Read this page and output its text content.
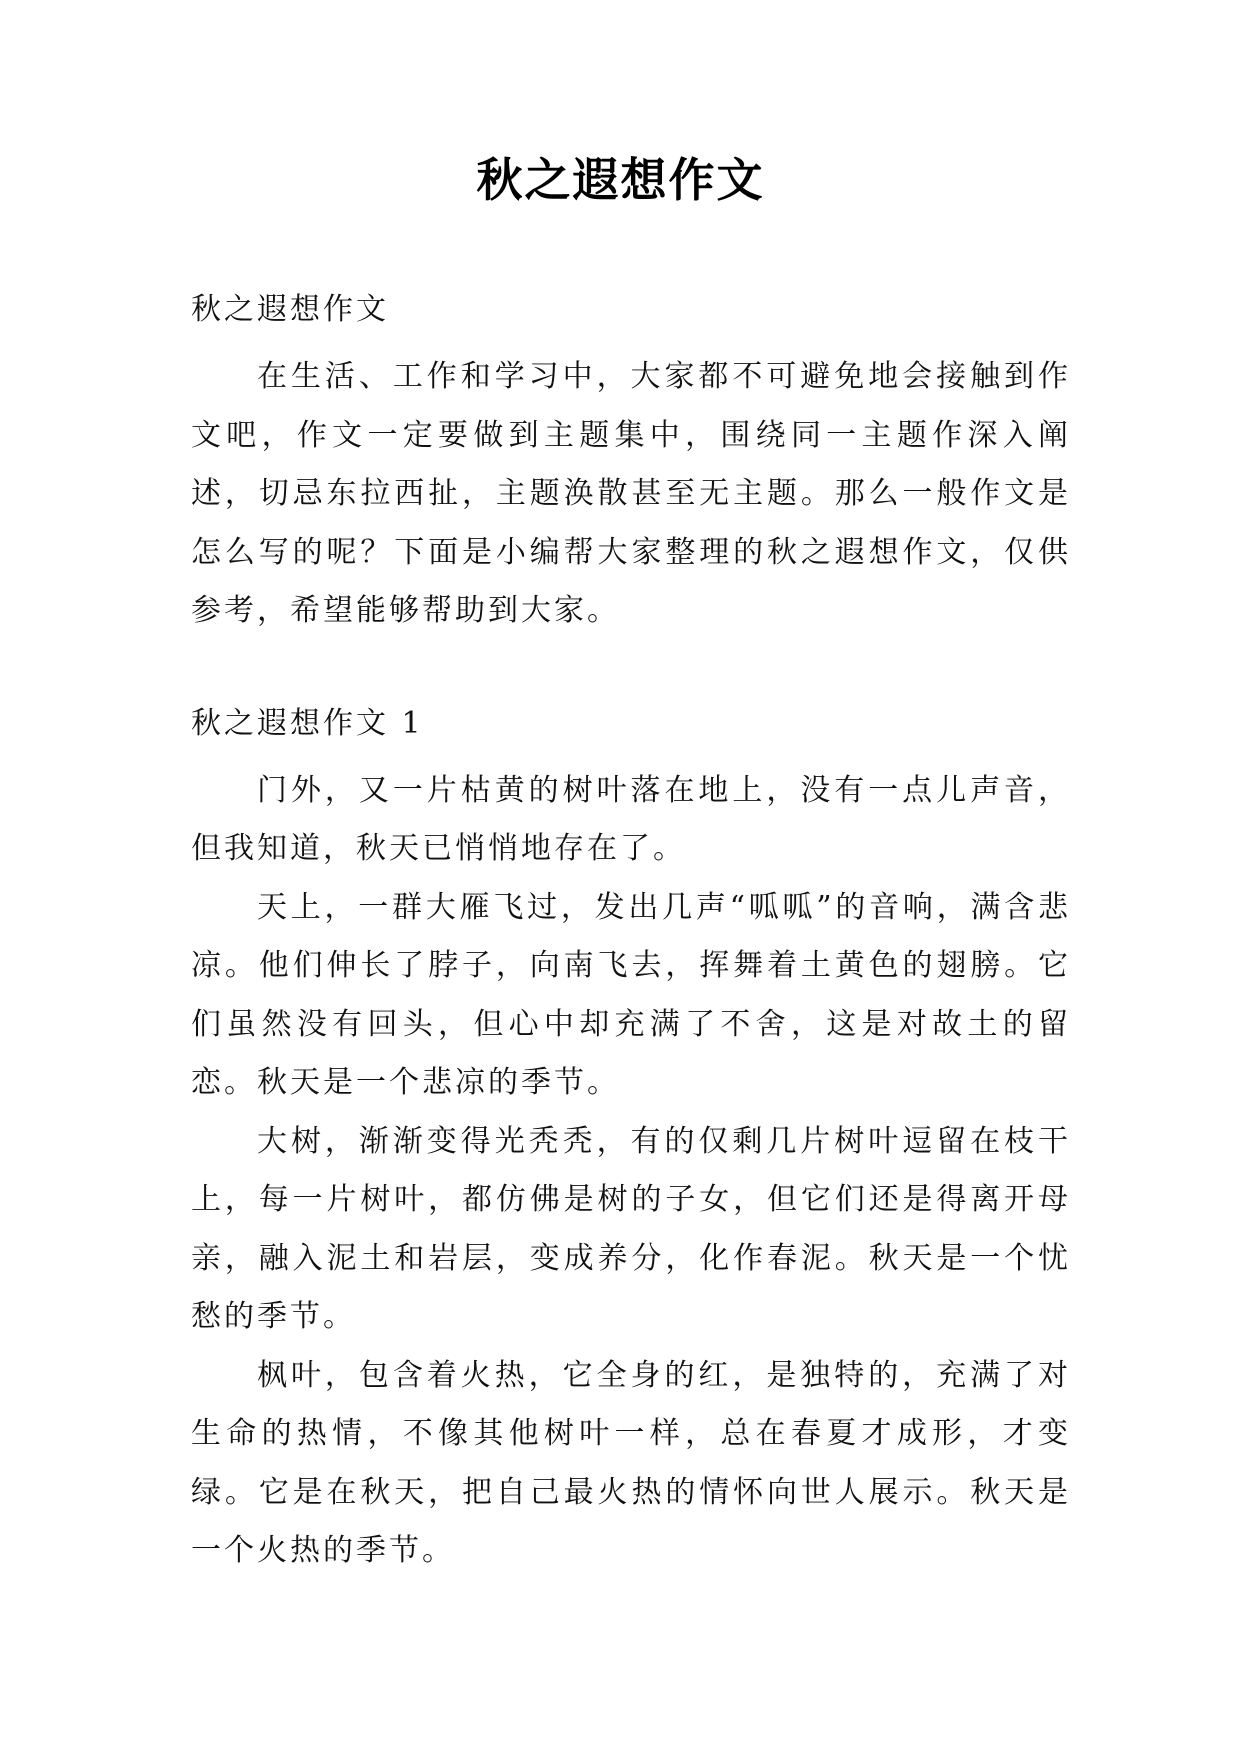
秋之遐想作文
秋之遐想作文

在生活、工作和学习中，大家都不可避免地会接触到作文吧，作文一定要做到主题集中，围绕同一主题作深入阐述，切忌东拉西扯，主题涣散甚至无主题。那么一般作文是怎么写的呢？下面是小编帮大家整理的秋之遐想作文，仅供参考，希望能够帮助到大家。

秋之遐想作文 1

门外，又一片枯黄的树叶落在地上，没有一点儿声音，但我知道，秋天已悄悄地存在了。

天上，一群大雁飞过，发出几声“呱呱”的音响，满含悲凉。他们伸长了脖子，向南飞去，挥舞着土黄色的翅膀。它们虽然没有回头，但心中却充满了不舍，这是对故土的留恋。秋天是一个悲凉的季节。

大树，渐渐变得光秃秃，有的仅剩几片树叶逗留在枝干上，每一片树叶，都仿佛是树的子女，但它们还是得离开母亲，融入泥土和岩层，变成养分，化作春泥。秋天是一个忧愁的季节。

枫叶，包含着火热，它全身的红，是独特的，充满了对生命的热情，不像其他树叶一样，总在春夏才成形，才变绿。它是在秋天，把自己最火热的情怀向世人展示。秋天是一个火热的季节。
